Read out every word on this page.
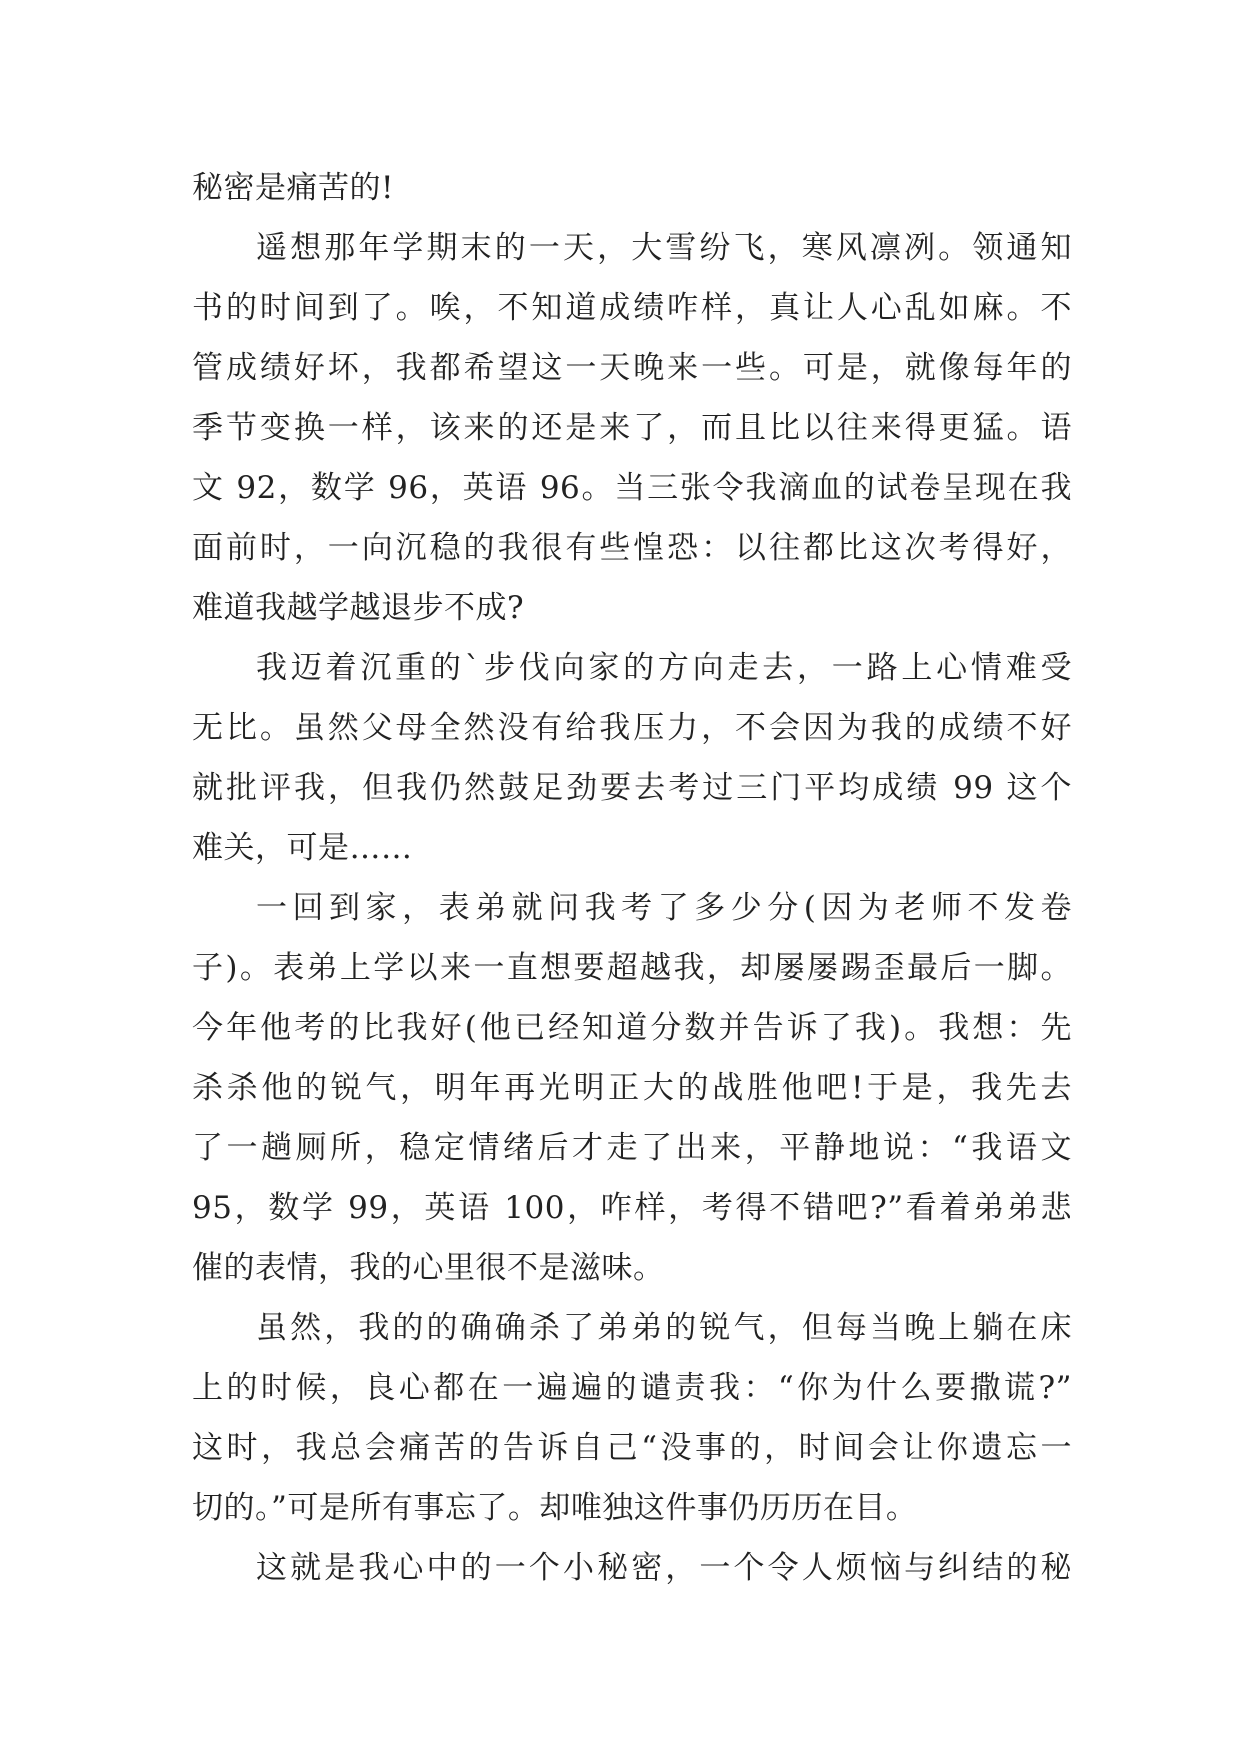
秘密是痛苦的!
遥想那年学期末的一天，大雪纷飞，寒风凛冽。领通知
书的时间到了。唉，不知道成绩咋样，真让人心乱如麻。不
管成绩好坏，我都希望这一天晚来一些。可是，就像每年的
季节变换一样，该来的还是来了，而且比以往来得更猛。语
文 92，数学 96，英语 96。当三张令我滴血的试卷呈现在我
面前时，一向沉稳的我很有些惶恐：以往都比这次考得好，
难道我越学越退步不成?
我迈着沉重的`步伐向家的方向走去，一路上心情难受
无比。虽然父母全然没有给我压力，不会因为我的成绩不好
就批评我，但我仍然鼓足劲要去考过三门平均成绩 99 这个
难关，可是……
一回到家，表弟就问我考了多少分(因为老师不发卷
子)。表弟上学以来一直想要超越我，却屡屡踢歪最后一脚。
今年他考的比我好(他已经知道分数并告诉了我)。我想：先
杀杀他的锐气，明年再光明正大的战胜他吧!于是，我先去
了一趟厕所，稳定情绪后才走了出来，平静地说：“我语文
95，数学 99，英语 100，咋样，考得不错吧?”看着弟弟悲
催的表情，我的心里很不是滋味。
虽然，我的的确确杀了弟弟的锐气，但每当晚上躺在床
上的时候，良心都在一遍遍的谴责我：“你为什么要撒谎?”
这时，我总会痛苦的告诉自己“没事的，时间会让你遗忘一
切的。”可是所有事忘了。却唯独这件事仍历历在目。
这就是我心中的一个小秘密，一个令人烦恼与纠结的秘
